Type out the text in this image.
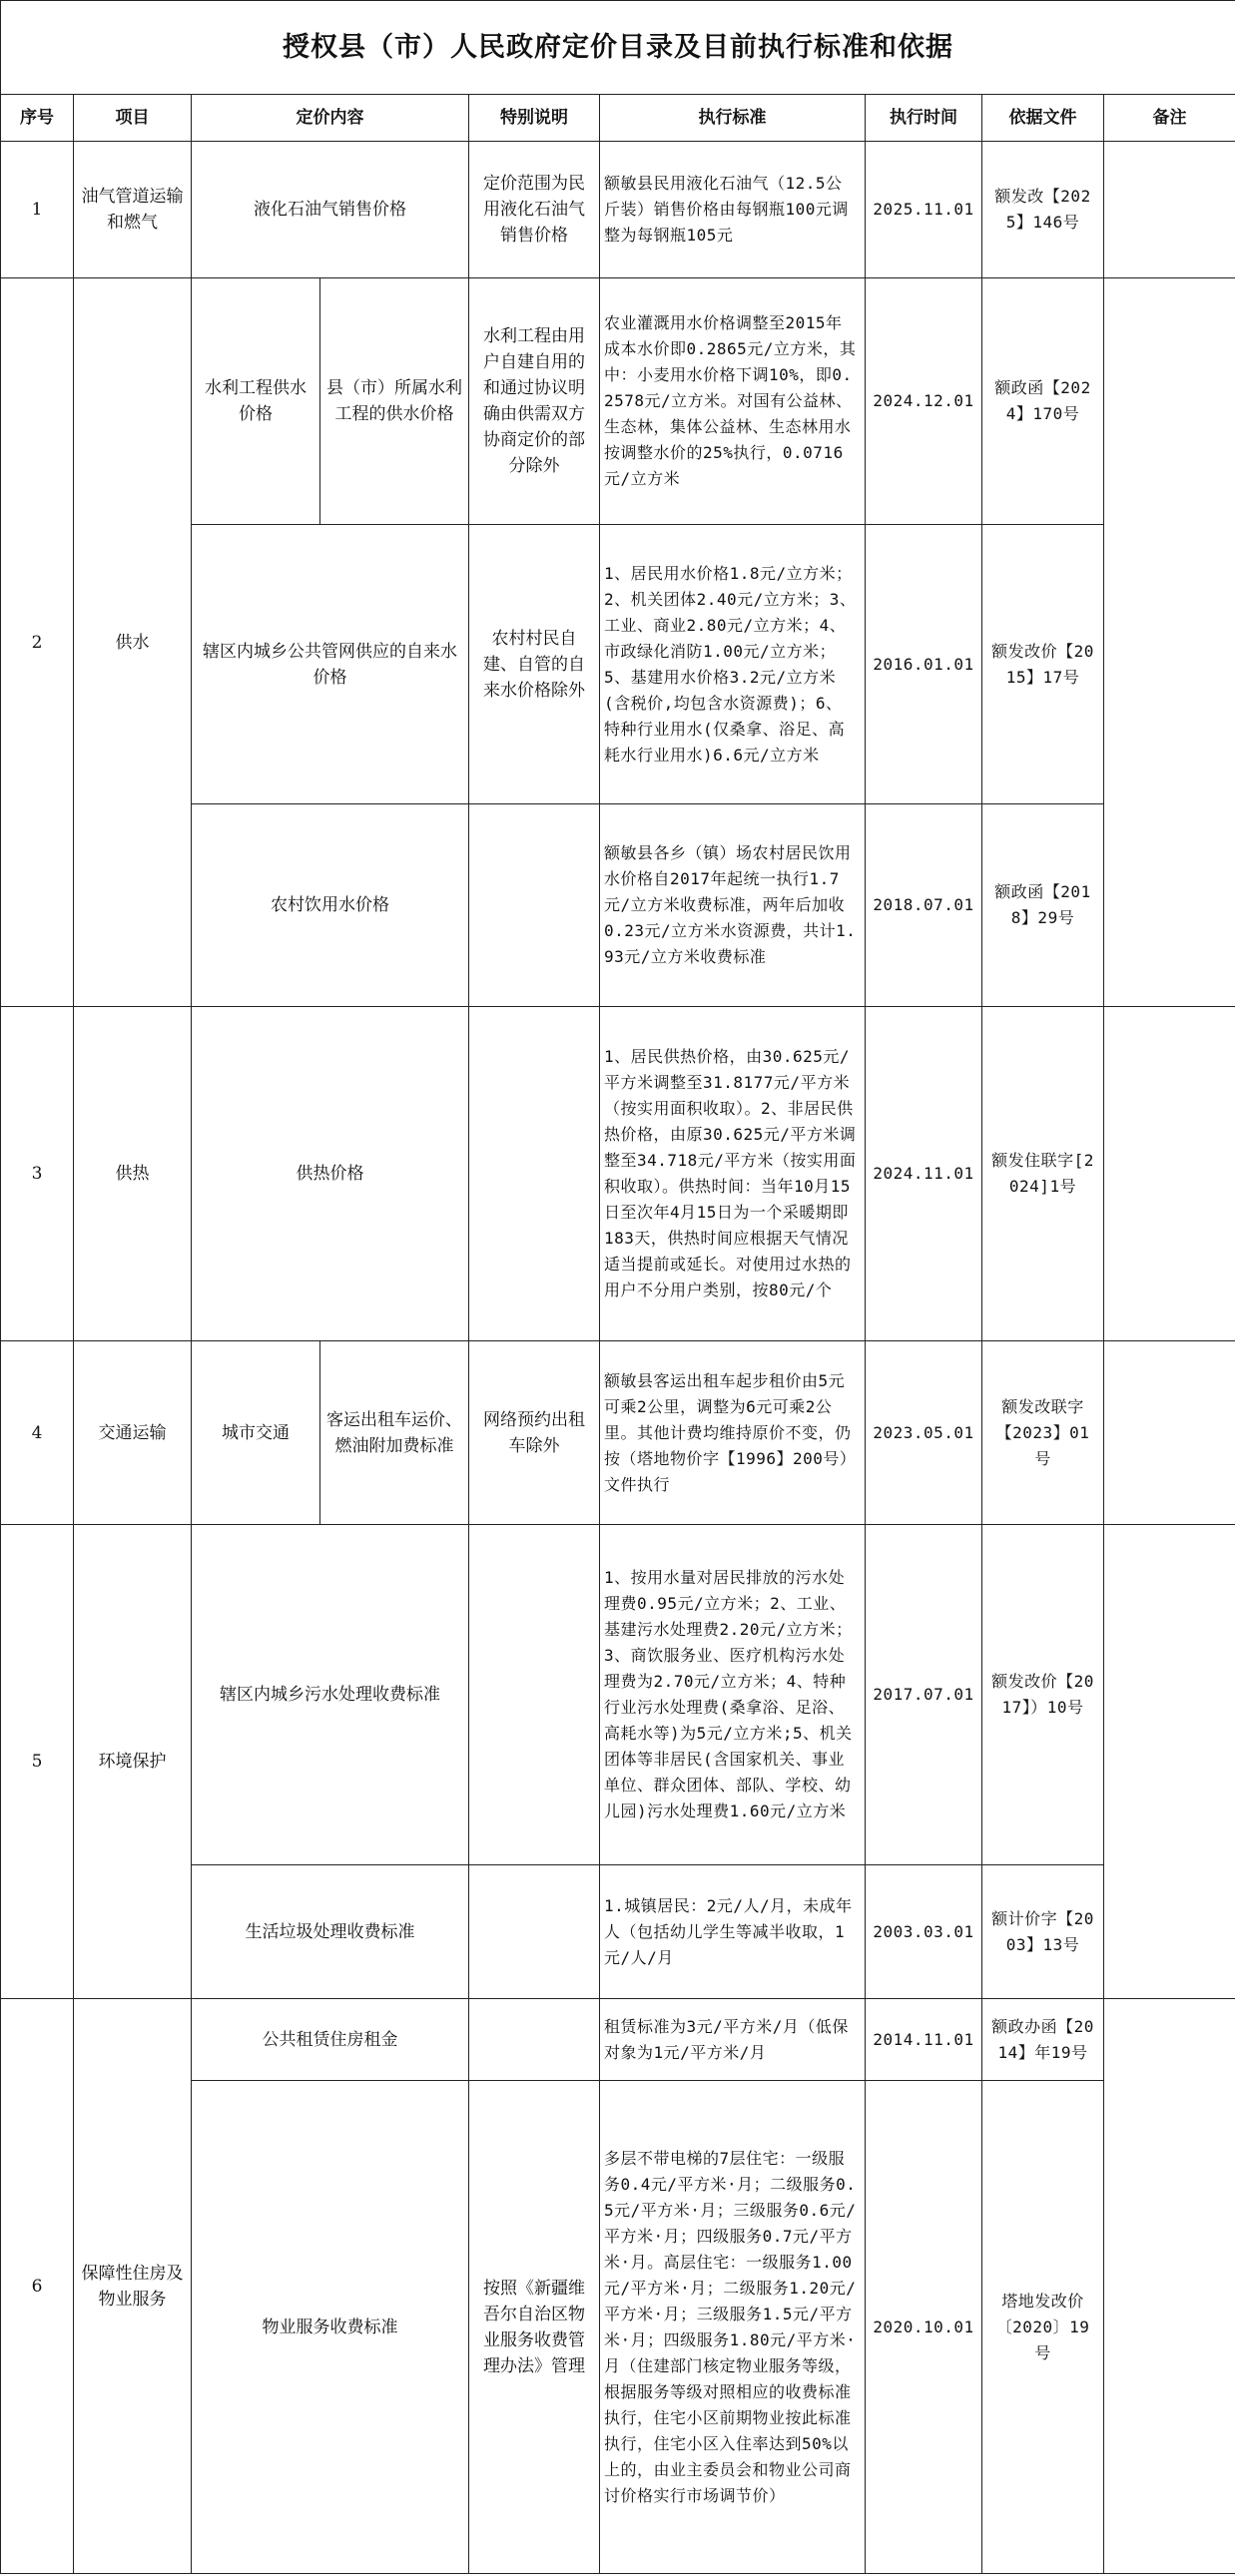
授权县（市）人民政府定价目录及目前执行标准和依据								
序号	项目	定价内容		特别说明	执行标准	执行时间	依据文件	备注
1	油气管道运输和燃气	液化石油气销售价格		定价范围为民用液化石油气销售价格	额敏县民用液化石油气（12.5公斤装）销售价格由每钢瓶100元调整为每钢瓶105元	2025.11.01	额发改【2025】146号	
2	供水	水利工程供水价格	县（市）所属水利工程的供水价格	水利工程由用户自建自用的和通过协议明确由供需双方协商定价的部分除外	农业灌溉用水价格调整至2015年成本水价即0.2865元/立方米，其中：小麦用水价格下调10%，即0.2578元/立方米。对国有公益林、生态林，集体公益林、生态林用水按调整水价的25%执行，0.0716元/立方米	2024.12.01	额政函【2024】170号	
		辖区内城乡公共管网供应的自来水价格		农村村民自建、自管的自来水价格除外	1、居民用水价格1.8元/立方米；2、机关团体2.40元/立方米；3、工业、商业2.80元/立方米；4、市政绿化消防1.00元/立方米；5、基建用水价格3.2元/立方米(含税价,均包含水资源费)；6、特种行业用水(仅桑拿、浴足、高耗水行业用水)6.6元/立方米	2016.01.01	额发改价【2015】17号	
		农村饮用水价格			额敏县各乡（镇）场农村居民饮用水价格自2017年起统一执行1.7元/立方米收费标准，两年后加收0.23元/立方米水资源费，共计1.93元/立方米收费标准	2018.07.01	额政函【2018】29号	
3	供热	供热价格			1、居民供热价格，由30.625元/平方米调整至31.8177元/平方米（按实用面积收取）。2、非居民供热价格，由原30.625元/平方米调整至34.718元/平方米（按实用面积收取）。供热时间：当年10月15日至次年4月15日为一个采暖期即183天，供热时间应根据天气情况适当提前或延长。对使用过水热的用户不分用户类别，按80元/个	2024.11.01	额发住联字[2024]1号	
4	交通运输	城市交通	客运出租车运价、燃油附加费标准	网络预约出租车除外	额敏县客运出租车起步租价由5元可乘2公里，调整为6元可乘2公里。其他计费均维持原价不变，仍按（塔地物价字【1996】200号）文件执行	2023.05.01	额发改联字【2023】01号	
5	环境保护	辖区内城乡污水处理收费标准			1、按用水量对居民排放的污水处理费0.95元/立方米；2、工业、基建污水处理费2.20元/立方米；3、商饮服务业、医疗机构污水处理费为2.70元/立方米；4、特种行业污水处理费(桑拿浴、足浴、高耗水等)为5元/立方米;5、机关团体等非居民(含国家机关、事业单位、群众团体、部队、学校、幼儿园)污水处理费1.60元/立方米	2017.07.01	额发改价【2017】）10号	
		生活垃圾处理收费标准			1.城镇居民：2元/人/月，未成年人（包括幼儿学生等减半收取，1元/人/月	2003.03.01	额计价字【2003】13号	
6	保障性住房及物业服务	公共租赁住房租金			租赁标准为3元/平方米/月（低保对象为1元/平方米/月	2014.11.01	额政办函【2014】年19号	
		物业服务收费标准		按照《新疆维吾尔自治区物业服务收费管理办法》管理	多层不带电梯的7层住宅：一级服务0.4元/平方米·月；二级服务0.5元/平方米·月；三级服务0.6元/平方米·月；四级服务0.7元/平方米·月。高层住宅：一级服务1.00元/平方米·月；二级服务1.20元/平方米·月；三级服务1.5元/平方米·月；四级服务1.80元/平方米·月（住建部门核定物业服务等级，根据服务等级对照相应的收费标准执行，住宅小区前期物业按此标准执行，住宅小区入住率达到50%以上的，由业主委员会和物业公司商讨价格实行市场调节价）	2020.10.01	塔地发改价〔2020〕19号	
